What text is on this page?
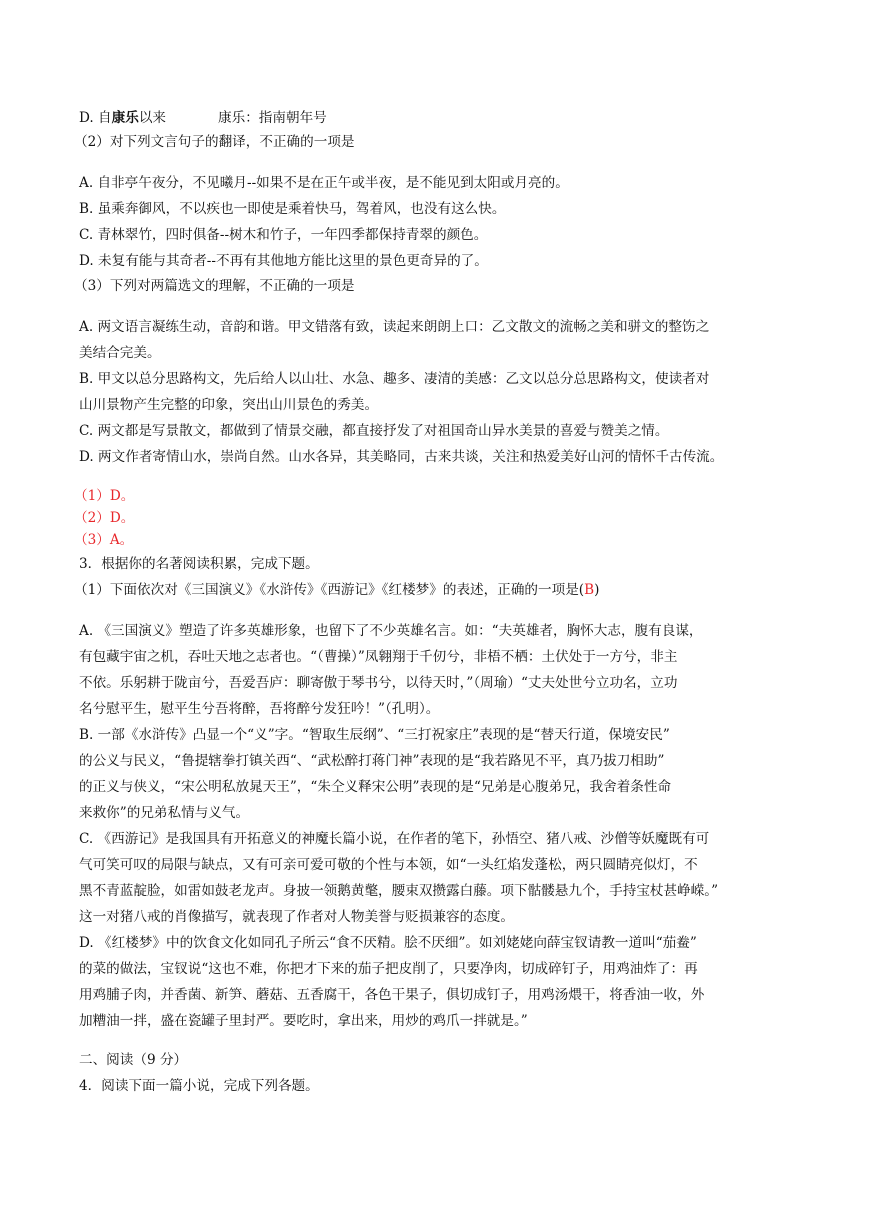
D. 自康乐以来	康乐：指南朝年号
（2）对下列文言句子的翻译，不正确的一项是
A. 自非亭午夜分，不见曦月--如果不是在正午或半夜，是不能见到太阳或月亮的。
B. 虽乘奔御风，不以疾也一即使是乘着快马，驾着风，也没有这么快。
C. 青林翠竹，四时俱备--树木和竹子，一年四季都保持青翠的颜色。
D. 未复有能与其奇者--不再有其他地方能比这里的景色更奇异的了。
（3）下列对两篇选文的理解，不正确的一项是
A. 两文语言凝练生动，音韵和谐。甲文错落有致，读起来朗朗上口：乙文散文的流畅之美和骈文的整饬之
美结合完美。
B. 甲文以总分思路构文，先后给人以山壮、水急、趣多、凄清的美感：乙文以总分总思路构文，使读者对
山川景物产生完整的印象，突出山川景色的秀美。
C. 两文都是写景散文，都做到了情景交融，都直接抒发了对祖国奇山异水美景的喜爱与赞美之情。
D. 两文作者寄情山水，崇尚自然。山水各异，其美略同，古来共谈，关注和热爱美好山河的情怀千古传流。
（1）D。
（2）D。
（3）A。
3．根据你的名著阅读积累，完成下题。
（1）下面依次对《三国演义》《水浒传》《西游记》《红楼梦》的表述，正确的一项是(B)
A. 《三国演义》塑造了许多英雄形象，也留下了不少英雄名言。如：“夫英雄者，胸怀大志，腹有良谋，
有包藏宇宙之机，吞吐天地之志者也。“（曹操）”凤翱翔于千仞兮，非梧不栖：土伏处于一方兮，非主
不依。乐躬耕于陇亩兮，吾爱吾庐：聊寄傲于琴书兮，以待天时，”（周瑜）“丈夫处世兮立功名，立功
名兮慰平生，慰平生兮吾将醉，吾将醉兮发狂吟！”（孔明）。
B. 一部《水浒传》凸显一个“义”字。“智取生辰纲”、“三打祝家庄”表现的是“替天行道，保境安民”
的公义与民义，“鲁提辖拳打镇关西“、“武松醉打蒋门神”表现的是“我若路见不平，真乃拔刀相助”
的正义与侠义，“宋公明私放晁天王”，“朱仝义释宋公明”表现的是“兄弟是心腹弟兄，我舍着条性命
来救你”的兄弟私情与义气。
C. 《西游记》是我国具有开拓意义的神魔长篇小说，在作者的笔下，孙悟空、猪八戒、沙僧等妖魔既有可
气可笑可叹的局限与缺点，又有可亲可爱可敬的个性与本领，如“一头红焰发蓬松，两只圆睛亮似灯，不
黑不青蓝靛脸，如雷如鼓老龙声。身披一领鹅黄氅，腰束双攒露白藤。项下骷髅悬九个，手持宝杖甚峥嵘。”
这一对猪八戒的肖像描写，就表现了作者对人物美誉与贬损兼容的态度。
D. 《红楼梦》中的饮食文化如同孔子所云“食不厌精。脍不厌细”。如刘姥姥向薛宝钗请教一道叫“茄鲞”
的菜的做法，宝钗说“这也不难，你把才下来的茄子把皮削了，只要净肉，切成碎钉子，用鸡油炸了：再
用鸡脯子肉，并香菌、新笋、蘑菇、五香腐干，各色干果子，俱切成钉子，用鸡汤煨干，将香油一收，外
加糟油一拌，盛在瓷罐子里封严。要吃时，拿出来，用炒的鸡爪一拌就是。”
二、阅读（9 分）
4．阅读下面一篇小说，完成下列各题。
